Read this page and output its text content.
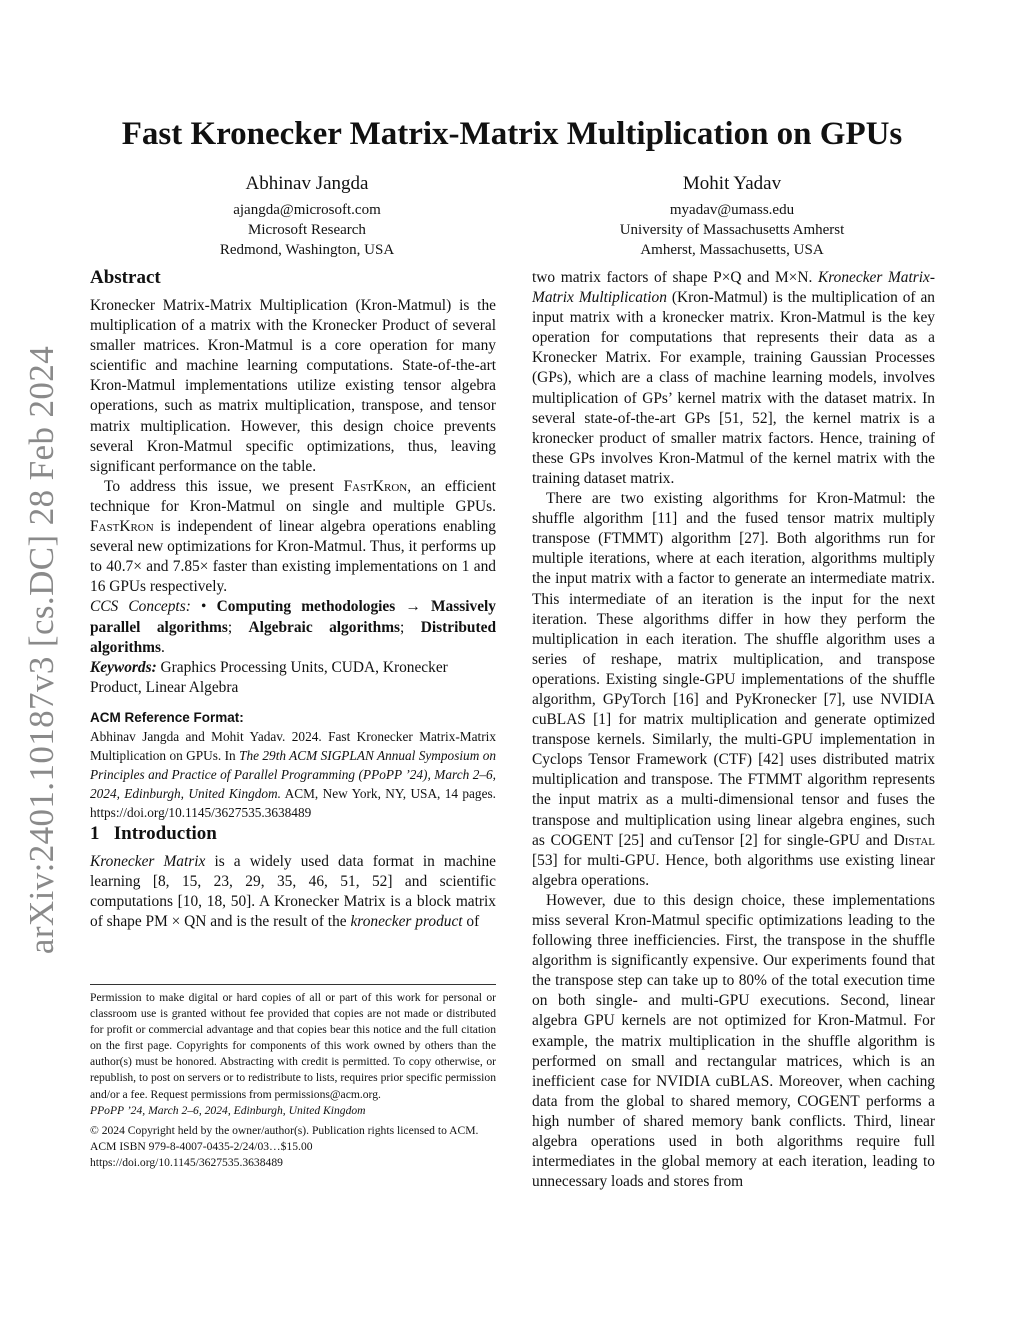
arXiv:2401.10187v3 [cs.DC] 28 Feb 2024
Fast Kronecker Matrix-Matrix Multiplication on GPUs
Abhinav Jangda
ajangda@microsoft.com
Microsoft Research
Redmond, Washington, USA
Mohit Yadav
myadav@umass.edu
University of Massachusetts Amherst
Amherst, Massachusetts, USA
Abstract

Kronecker Matrix-Matrix Multiplication (Kron-Matmul) is the multiplication of a matrix with the Kronecker Product of several smaller matrices. Kron-Matmul is a core operation for many scientific and machine learning computations. State-of-the-art Kron-Matmul implementations utilize existing tensor algebra operations, such as matrix multiplication, transpose, and tensor matrix multiplication. However, this design choice prevents several Kron-Matmul specific optimizations, thus, leaving significant performance on the table.

To address this issue, we present FastKron, an efficient technique for Kron-Matmul on single and multiple GPUs. FastKron is independent of linear algebra operations enabling several new optimizations for Kron-Matmul. Thus, it performs up to 40.7× and 7.85× faster than existing implementations on 1 and 16 GPUs respectively.

CCS Concepts: • Computing methodologies → Massively parallel algorithms; Algebraic algorithms; Distributed algorithms.

Keywords: Graphics Processing Units, CUDA, Kronecker Product, Linear Algebra

ACM Reference Format:

Abhinav Jangda and Mohit Yadav. 2024. Fast Kronecker Matrix-Matrix Multiplication on GPUs. In The 29th ACM SIGPLAN Annual Symposium on Principles and Practice of Parallel Programming (PPoPP ’24), March 2–6, 2024, Edinburgh, United Kingdom. ACM, New York, NY, USA, 14 pages. https://doi.org/10.1145/3627535.3638489

1   Introduction

Kronecker Matrix is a widely used data format in machine learning [8, 15, 23, 29, 35, 46, 51, 52] and scientific computations [10, 18, 50]. A Kronecker Matrix is a block matrix of shape PM × QN and is the result of the kronecker product of

Permission to make digital or hard copies of all or part of this work for personal or classroom use is granted without fee provided that copies are not made or distributed for profit or commercial advantage and that copies bear this notice and the full citation on the first page. Copyrights for components of this work owned by others than the author(s) must be honored. Abstracting with credit is permitted. To copy otherwise, or republish, to post on servers or to redistribute to lists, requires prior specific permission and/or a fee. Request permissions from permissions@acm.org.

PPoPP ’24, March 2–6, 2024, Edinburgh, United Kingdom

© 2024 Copyright held by the owner/author(s). Publication rights licensed to ACM.

ACM ISBN 979-8-4007-0435-2/24/03…$15.00

https://doi.org/10.1145/3627535.3638489

two matrix factors of shape P×Q and M×N. Kronecker Matrix-Matrix Multiplication (Kron-Matmul) is the multiplication of an input matrix with a kronecker matrix. Kron-Matmul is the key operation for computations that represents their data as a Kronecker Matrix. For example, training Gaussian Processes (GPs), which are a class of machine learning models, involves multiplication of GPs’ kernel matrix with the dataset matrix. In several state-of-the-art GPs [51, 52], the kernel matrix is a kronecker product of smaller matrix factors. Hence, training of these GPs involves Kron-Matmul of the kernel matrix with the training dataset matrix.

There are two existing algorithms for Kron-Matmul: the shuffle algorithm [11] and the fused tensor matrix multiply transpose (FTMMT) algorithm [27]. Both algorithms run for multiple iterations, where at each iteration, algorithms multiply the input matrix with a factor to generate an intermediate matrix. This intermediate of an iteration is the input for the next iteration. These algorithms differ in how they perform the multiplication in each iteration. The shuffle algorithm uses a series of reshape, matrix multiplication, and transpose operations. Existing single-GPU implementations of the shuffle algorithm, GPyTorch [16] and PyKronecker [7], use NVIDIA cuBLAS [1] for matrix multiplication and generate optimized transpose kernels. Similarly, the multi-GPU implementation in Cyclops Tensor Framework (CTF) [42] uses distributed matrix multiplication and transpose. The FTMMT algorithm represents the input matrix as a multi-dimensional tensor and fuses the transpose and multiplication using linear algebra engines, such as COGENT [25] and cuTensor [2] for single-GPU and Distal [53] for multi-GPU. Hence, both algorithms use existing linear algebra operations.

However, due to this design choice, these implementations miss several Kron-Matmul specific optimizations leading to the following three inefficiencies. First, the transpose in the shuffle algorithm is significantly expensive. Our experiments found that the transpose step can take up to 80% of the total execution time on both single- and multi-GPU executions. Second, linear algebra GPU kernels are not optimized for Kron-Matmul. For example, the matrix multiplication in the shuffle algorithm is performed on small and rectangular matrices, which is an inefficient case for NVIDIA cuBLAS. Moreover, when caching data from the global to shared memory, COGENT performs a high number of shared memory bank conflicts. Third, linear algebra operations used in both algorithms require full intermediates in the global memory at each iteration, leading to unnecessary loads and stores from
